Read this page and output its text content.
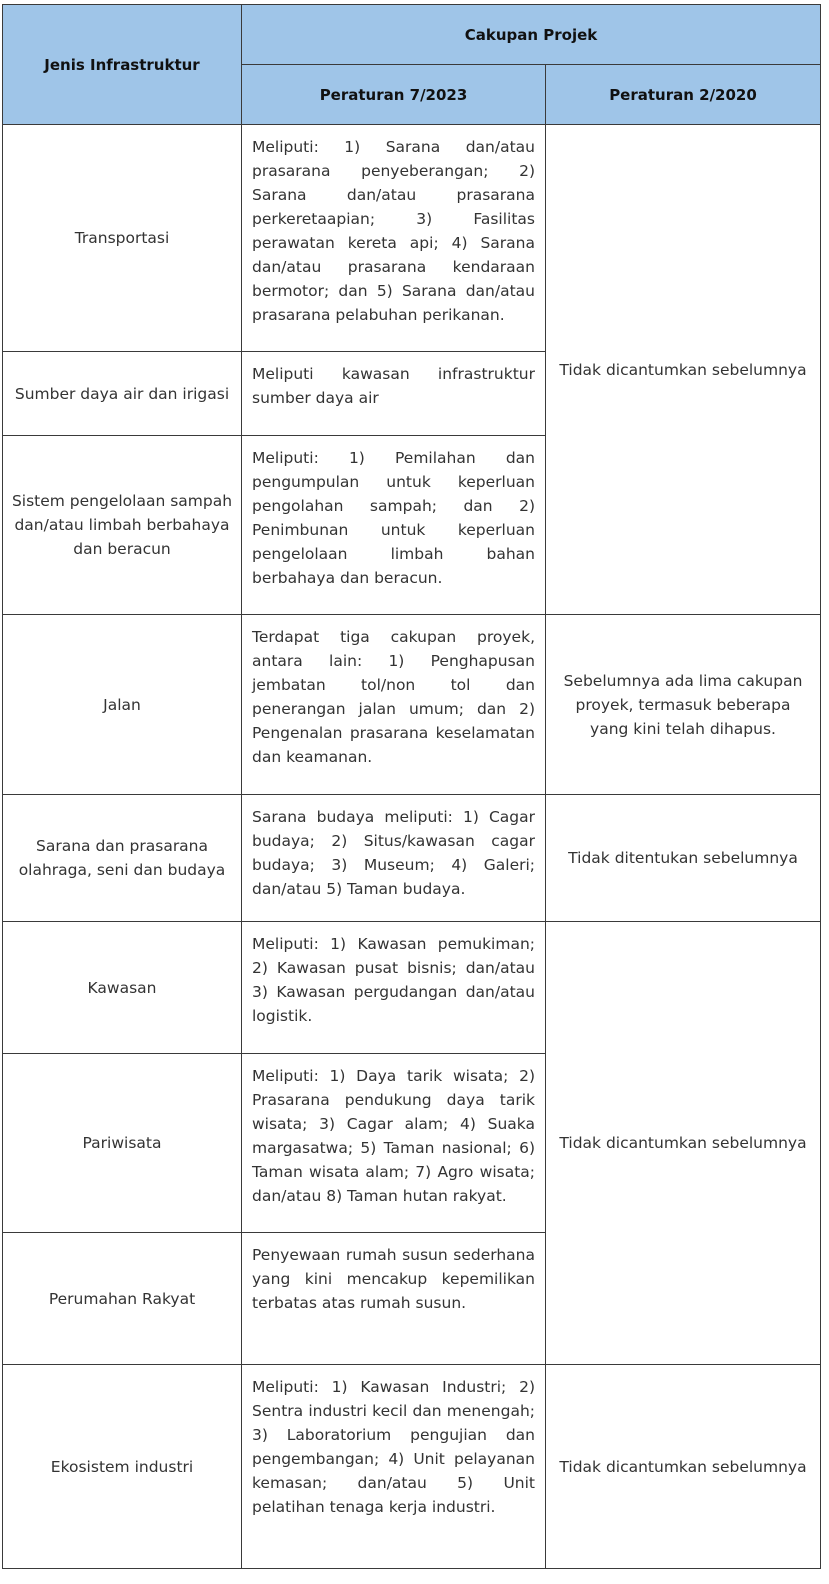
Jenis Infrastruktur	Cakupan Projek	
	Peraturan 7/2023	Peraturan 2/2020
Transportasi	Meliputi: 1) Sarana dan/atau prasarana penyeberangan; 2) Sarana dan/atau prasarana perkeretaapian; 3) Fasilitas perawatan kereta api; 4) Sarana dan/atau prasarana kendaraan bermotor; dan 5) Sarana dan/atau prasarana pelabuhan perikanan.	Tidak dicantumkan sebelumnya
Sumber daya air dan irigasi	Meliputi kawasan infrastruktur sumber daya air	

Sistem pengelolaan sampah dan/atau limbah berbahaya dan beracun	Meliputi: 1) Pemilahan dan pengumpulan untuk keperluan pengolahan sampah; dan 2) Penimbunan untuk keperluan pengelolaan limbah bahan berbahaya dan beracun.	

Jalan	Terdapat tiga cakupan proyek, antara lain: 1) Penghapusan jembatan tol/non tol dan penerangan jalan umum; dan 2) Pengenalan prasarana keselamatan dan keamanan.	Sebelumnya ada lima cakupan proyek, termasuk beberapa yang kini telah dihapus.
Sarana dan prasarana olahraga, seni dan budaya	Sarana budaya meliputi: 1) Cagar budaya; 2) Situs/kawasan cagar budaya; 3) Museum; 4) Galeri; dan/atau 5) Taman budaya.	Tidak ditentukan sebelumnya
Kawasan	Meliputi: 1) Kawasan pemukiman; 2) Kawasan pusat bisnis; dan/atau 3) Kawasan pergudangan dan/atau logistik.	Tidak dicantumkan sebelumnya
Pariwisata	Meliputi: 1) Daya tarik wisata; 2) Prasarana pendukung daya tarik wisata; 3) Cagar alam; 4) Suaka margasatwa; 5) Taman nasional; 6) Taman wisata alam; 7) Agro wisata; dan/atau 8) Taman hutan rakyat.	

Perumahan Rakyat	Penyewaan rumah susun sederhana yang kini mencakup kepemilikan terbatas atas rumah susun.	

Ekosistem industri	Meliputi: 1) Kawasan Industri; 2) Sentra industri kecil dan menengah; 3) Laboratorium pengujian dan pengembangan; 4) Unit pelayanan kemasan; dan/atau 5) Unit pelatihan tenaga kerja industri.	Tidak dicantumkan sebelumnya
